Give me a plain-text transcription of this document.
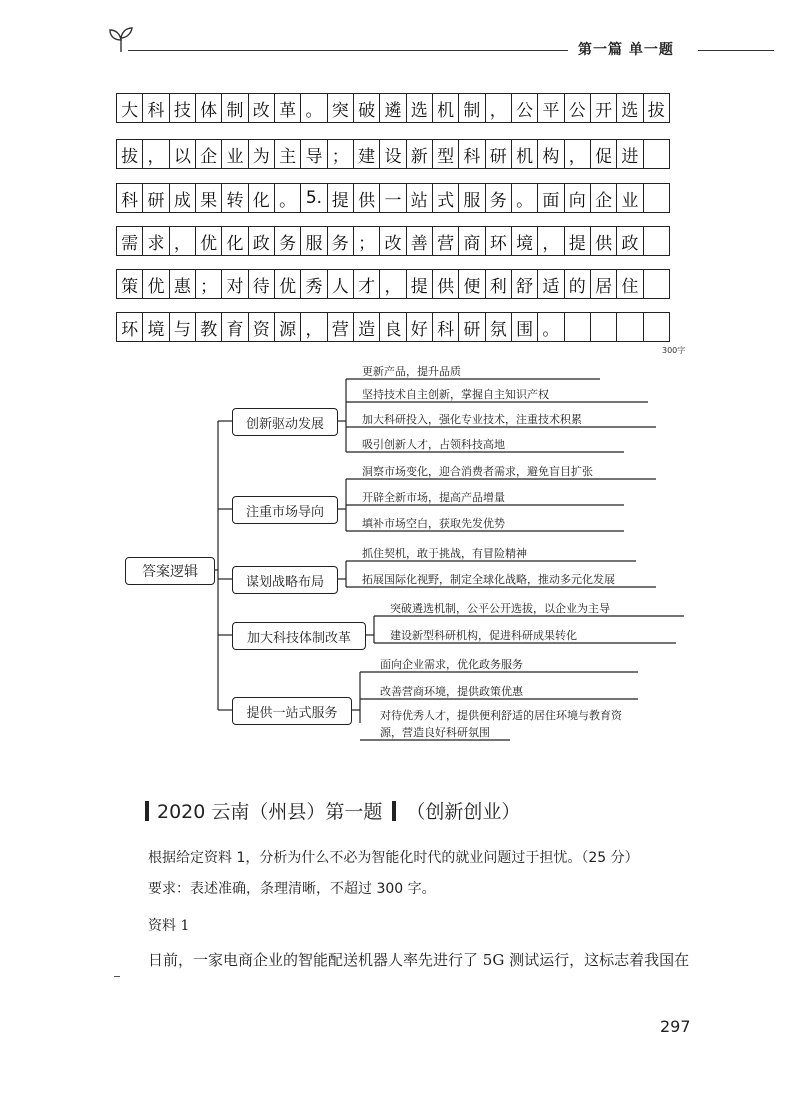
第一篇 单一题
大 科 技 体 制 改 革 。 突 破 遴 选 机 制 ， 公 平 公 开 选 拔
拔 ， 以 企 业 为 主 导 ； 建 设 新 型 科 研 机 构 ， 促 进
科 研 成 果 转 化 。 5. 提 供 一 站 式 服 务 。 面 向 企 业
需 求 ， 优 化 政 务 服 务 ； 改 善 营 商 环 境 ， 提 供 政
策 优 惠 ； 对 待 优 秀 人 才 ， 提 供 便 利 舒 适 的 居 住
环 境 与 教 育 资 源 ， 营 造 良 好 科 研 氛 围 。
300字
答案逻辑
创新驱动发展
更新产品，提升品质
坚持技术自主创新，掌握自主知识产权
加大科研投入，强化专业技术，注重技术积累
吸引创新人才，占领科技高地
注重市场导向
洞察市场变化，迎合消费者需求，避免盲目扩张
开辟全新市场，提高产品增量
填补市场空白，获取先发优势
谋划战略布局
抓住契机，敢于挑战，有冒险精神
拓展国际化视野，制定全球化战略，推动多元化发展
加大科技体制改革
突破遴选机制，公平公开选拔，以企业为主导
建设新型科研机构，促进科研成果转化
提供一站式服务
面向企业需求，优化政务服务
改善营商环境，提供政策优惠
对待优秀人才，提供便利舒适的居住环境与教育资
源，营造良好科研氛围
2020 云南（州县）第一题 （创新创业）
根据给定资料 1，分析为什么不必为智能化时代的就业问题过于担忧。（25 分）
要求：表述准确，条理清晰，不超过 300 字。
资料 1
日前，一家电商企业的智能配送机器人率先进行了 5G 测试运行，这标志着我国在
297
